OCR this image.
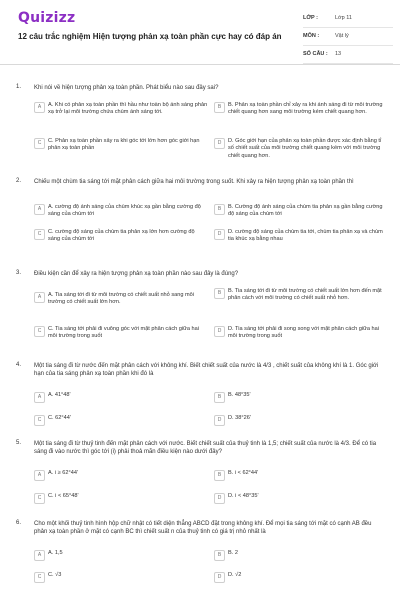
Quizizz
12 câu trắc nghiệm Hiện tượng phản xạ toàn phần cực hay có đáp án
LỚP :	Lớp 11
MÔN :	Vật lý
SỐ CÂU : 13
1. Khi nói về hiện tượng phản xạ toàn phần. Phát biểu nào sau đây sai?
A	A. Khi có phản xạ toàn phần thì hầu như toàn bộ ánh sáng phản xạ trở lại môi trường chứa chùm ánh sáng tới.
B	B. Phản xạ toàn phần chỉ xảy ra khi ánh sáng đi từ môi trường chiết quang hơn sang môi trường kém chiết quang hơn.
C	C. Phản xạ toàn phần xảy ra khi góc tới lớn hơn góc giới hạn phản xạ toàn phần
D	D. Góc giới hạn của phản xạ toàn phần được xác định bằng tỉ số chiết suất của môi trường chiết quang kém với môi trường chiết quang hơn.
2. Chiếu một chùm tia sáng tới mặt phân cách giữa hai môi trường trong suốt. Khi xảy ra hiện tượng phản xạ toàn phần thì
A	A. cường độ ánh sáng của chùm khúc xạ gần bằng cường độ sáng của chùm tới
B	B. Cường độ ánh sáng của chùm tia phản xạ gần bằng cường độ sáng của chùm tới
C	C. cường độ sáng của chùm tia phản xạ lớn hơn cường độ sáng của chùm tới
D	D. cường độ sáng của chùm tia tới, chùm tia phản xạ và chùm tia khúc xạ bằng nhau
3. Điều kiện cần để xảy ra hiện tượng phản xạ toàn phần nào sau đây là đúng?
A	A. Tia sáng tới đi từ môi trường có chiết suất nhỏ sang môi trường có chiết suất lớn hơn.
B	B. Tia sáng tới đi từ môi trường có chiết suất lớn hơn đến mặt phân cách với môi trường có chiết suất nhỏ hơn.
C	C. Tia sáng tới phải đi vuông góc với mặt phân cách giữa hai môi trường trong suốt
D	D. Tia sáng tới phải đi song song với mặt phân cách giữa hai môi trường trong suốt
4. Một tia sáng đi từ nước đến mặt phân cách với không khí. Biết chiết suất của nước là 4/3 , chiết suất của không khí là 1. Góc giới hạn của tia sáng phản xạ toàn phần khi đó là
A	A. 41°48'	B	B. 48°35'
C	C. 62°44'	D	D. 38°26'
5. Một tia sáng đi từ thuỷ tinh đến mặt phân cách với nước. Biết chiết suất của thuỷ tinh là 1,5; chiết suất của nước là 4/3. Để có tia sáng đi vào nước thì góc tới (i) phải thoả mãn điều kiện nào dưới đây?
A	A. i ≥ 62°44'	B	B. i < 62°44'
C	C. i < 65°48'	D	D. i < 48°35'
6. Cho một khối thuỷ tinh hình hộp chữ nhật có tiết diện thẳng ABCD đặt trong không khí. Để mọi tia sáng tới mặt có cạnh AB đều phản xạ toàn phần ở mặt có cạnh BC thì chiết suất n của thuỷ tinh có giá trị nhỏ nhất là
A	A. 1,5	B	B. 2
C	C. √3	D	D. √2
